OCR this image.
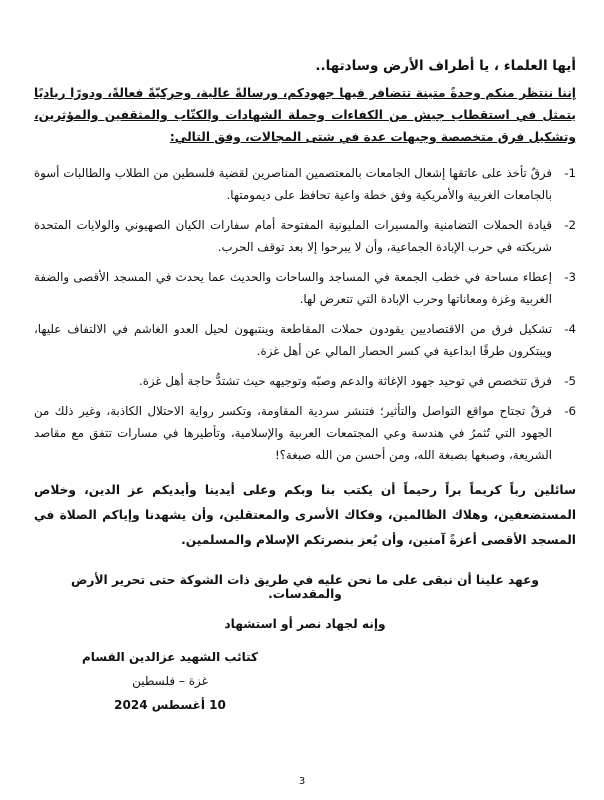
أيها العلماء ، يا أطراف الأرض وسادتها..

إننا ننتظر منكم وحدةً متينة تتضافر فيها جهودكم، ورسالةً عالية، وحركيّةً فعالةً، ودورًا رياديًا يتمثل في استقطاب جيش من الكفاءات وحملة الشهادات والكتّاب والمثقفين والمؤثرين، وتشكيل فرق متخصصة وجبهات عدة في شتى المجالات، وفق التالي:

-1
فرقٌ تأخذ على عاتقها إشعال الجامعات بالمعتصمين المناصرين لقضية فلسطين من الطلاب والطالبات أسوة بالجامعات الغربية والأمريكية وفق خطة واعية تحافظ على ديمومتها.
-2
قيادة الحملات التضامنية والمسيرات المليونية المفتوحة أمام سفارات الكيان الصهيوني والولايات المتحدة شريكته في حرب الإبادة الجماعية، وأن لا يبرحوا إلا بعد توقف الحرب.
-3
إعطاء مساحة في خطب الجمعة في المساجد والساحات والحديث عما يحدث في المسجد الأقصى والضفة الغربية وغزة ومعاناتها وحرب الإبادة التي تتعرض لها.
-4
تشكيل فرق من الاقتصاديين يقودون حملات المقاطعة وينتبهون لحيل العدو الغاشم في الالتفاف عليها، ويبتكرون طرقًا ابداعية في كسر الحصار المالي عن أهل غزة.
-5
فرق تتخصص في توحيد جهود الإغاثة والدعم وصبّه وتوجيهه حيث تشتدُّ حاجة أهل غزة.
-6
فرقٌ تجتاح مواقع التواصل والتأثير؛ فتنشر سردية المقاومة، وتكسر رواية الاحتلال الكاذبة، وغير ذلك من الجهود التي تُثمرُ في هندسة وعي المجتمعات العربية والإسلامية، وتأطيرها في مسارات تتفق مع مقاصد الشريعة، وصبغها بصبغة الله، ومن أحسن من الله صبغة؟!

سائلين رباً كريماً براً رحيماً أن يكتب بنا وبكم وعلى أيدينا وأيديكم عز الدين، وخلاص المستضعفين، وهلاك الظالمين، وفكاك الأسرى والمعتقلين، وأن يشهدنا وإياكم الصلاة في المسجد الأقصى أعزةً آمنين، وأن يُعز بنصرتكم الإسلام والمسلمين.

وعهد علينا أن نبقى على ما نحن عليه في طريق ذات الشوكة حتى تحرير الأرض والمقدسات.

وإنه لجهاد نصر أو استشهاد

كتائب الشهيد عزالدين القسام
غزة – فلسطين
10 أغسطس 2024
3
